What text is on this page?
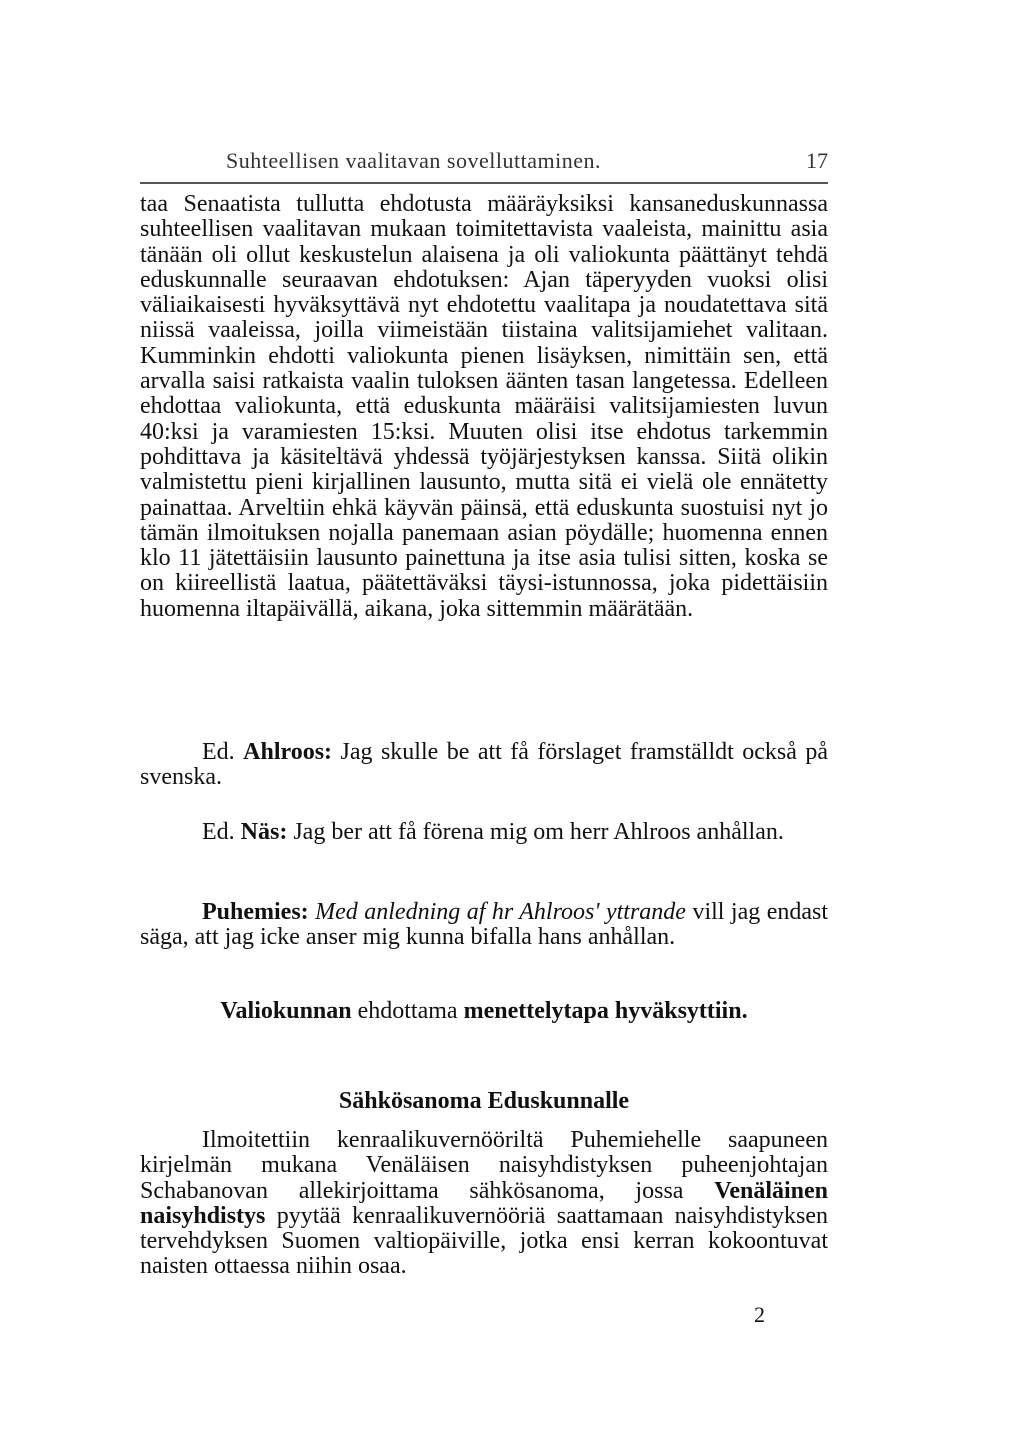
Suhteellisen vaalitavan sovelluttaminen.	17

taa Senaatista tullutta ehdotusta määräyksiksi kansaneduskunnassa suhteellisen vaalitavan mukaan toimitettavista vaaleista, mainittu asia tänään oli ollut keskustelun alaisena ja oli valiokunta päättänyt tehdä eduskunnalle seuraavan ehdotuksen: Ajan täperyyden vuoksi olisi väliaikaisesti hyväksyttävä nyt ehdotettu vaalitapa ja noudatettava sitä niissä vaaleissa, joilla viimeistään tiistaina valitsijamiehet valitaan. Kumminkin ehdotti valiokunta pienen lisäyksen, nimittäin sen, että arvalla saisi ratkaista vaalin tuloksen äänten tasan langetessa. Edelleen ehdottaa valiokunta, että eduskunta määräisi valitsijamiesten luvun 40:ksi ja varamiesten 15:ksi. Muuten olisi itse ehdotus tarkemmin pohdittava ja käsiteltävä yhdessä työjärjestyksen kanssa. Siitä olikin valmistettu pieni kirjallinen lausunto, mutta sitä ei vielä ole ennätetty painattaa. Arveltiin ehkä käyvän päinsä, että eduskunta suostuisi nyt jo tämän ilmoituksen nojalla panemaan asian pöydälle; huomenna ennen klo 11 jätettäisiin lausunto painettuna ja itse asia tulisi sitten, koska se on kiireellistä laatua, päätettäväksi täysi-istunnossa, joka pidettäisiin huomenna iltapäivällä, aikana, joka sittemmin määrätään.

Ed. Ahlroos: Jag skulle be att få förslaget framställdt också på svenska.

Ed. Näs: Jag ber att få förena mig om herr Ahlroos anhållan.

Puhemies: Med anledning af hr Ahlroos' yttrande vill jag endast säga, att jag icke anser mig kunna bifalla hans anhållan.

Valiokunnan ehdottama menettelytapa hyväksyttiin.

Sähkösanoma Eduskunnalle

Ilmoitettiin kenraalikuvernööriltä Puhemiehelle saapuneen kirjelmän mukana Venäläisen naisyhdistyksen puheenjohtajan Schabanovan allekirjoittama sähkösanoma, jossa Venäläinen naisyhdistys pyytää kenraalikuvernööriä saattamaan naisyhdistyksen tervehdyksen Suomen valtiopäiville, jotka ensi kerran kokoontuvat naisten ottaessa niihin osaa.

2
